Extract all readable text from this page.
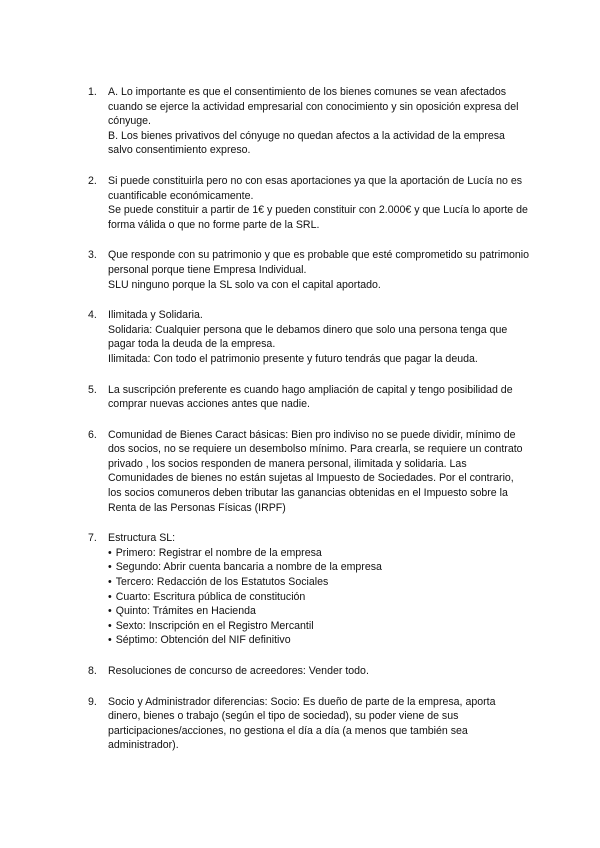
1. A. Lo importante es que el consentimiento de los bienes comunes se vean afectados cuando se ejerce la actividad empresarial con conocimiento y sin oposición expresa del cónyuge.
B. Los bienes privativos del cónyuge no quedan afectos a la actividad de la empresa salvo consentimiento expreso.
2. Si puede constituirla pero no con esas aportaciones ya que la aportación de Lucía no es cuantificable económicamente.
Se puede constituir a partir de 1€ y pueden constituir con 2.000€ y que Lucía lo aporte de forma válida o que no forme parte de la SRL.
3. Que responde con su patrimonio y que es probable que esté comprometido su patrimonio personal porque tiene Empresa Individual.
SLU ninguno porque la SL solo va con el capital aportado.
4. Ilimitada y Solidaria.
Solidaria: Cualquier persona que le debamos dinero que solo una persona tenga que pagar toda la deuda de la empresa.
Ilimitada: Con todo el patrimonio presente y futuro tendrás que pagar la deuda.
5. La suscripción preferente es cuando hago ampliación de capital y tengo posibilidad de comprar nuevas acciones antes que nadie.
6. Comunidad de Bienes Caract básicas: Bien pro indiviso no se puede dividir, mínimo de dos socios, no se requiere un desembolso mínimo. Para crearla, se requiere un contrato privado , los socios responden de manera personal, ilimitada y solidaria. Las Comunidades de bienes no están sujetas al Impuesto de Sociedades. Por el contrario, los socios comuneros deben tributar las ganancias obtenidas en el Impuesto sobre la Renta de las Personas Físicas (IRPF)
7. Estructura SL:
• Primero: Registrar el nombre de la empresa
• Segundo: Abrir cuenta bancaria a nombre de la empresa
• Tercero: Redacción de los Estatutos Sociales
• Cuarto: Escritura pública de constitución
• Quinto: Trámites en Hacienda
• Sexto: Inscripción en el Registro Mercantil
• Séptimo: Obtención del NIF definitivo
8. Resoluciones de concurso de acreedores: Vender todo.
9. Socio y Administrador diferencias: Socio: Es dueño de parte de la empresa, aporta dinero, bienes o trabajo (según el tipo de sociedad), su poder viene de sus participaciones/acciones, no gestiona el día a día (a menos que también sea administrador).
